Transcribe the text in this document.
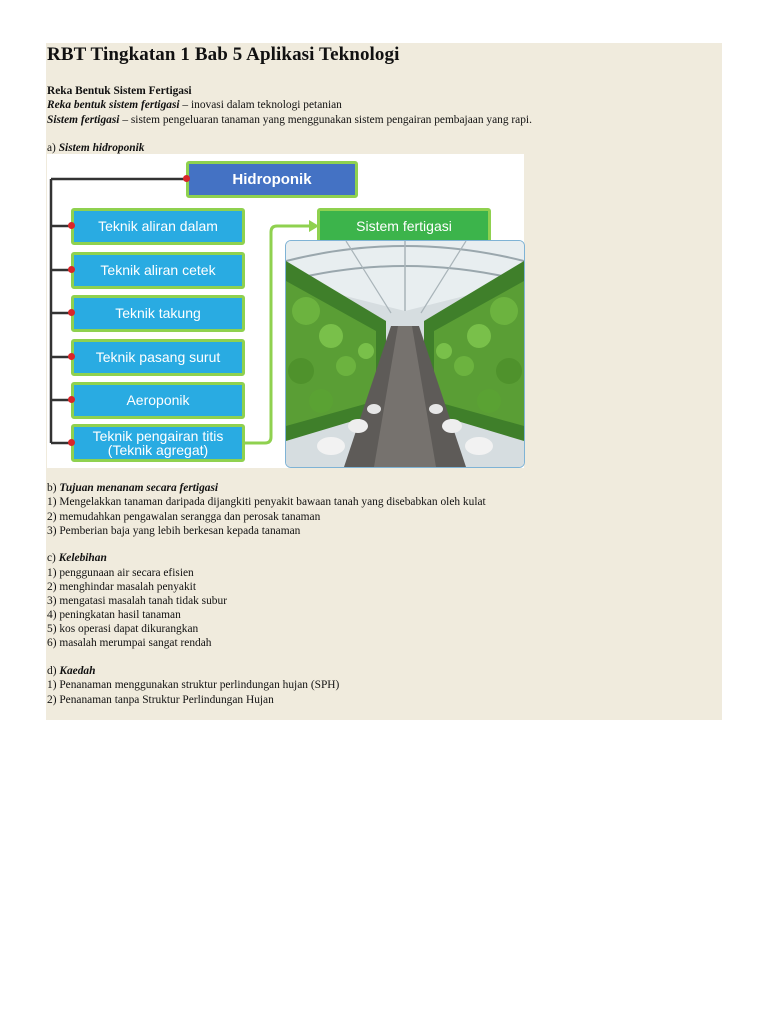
RBT Tingkatan 1 Bab 5 Aplikasi Teknologi
Reka Bentuk Sistem Fertigasi
Reka bentuk sistem fertigasi – inovasi dalam teknologi petanian
Sistem fertigasi – sistem pengeluaran tanaman yang menggunakan sistem pengairan pembajaan yang rapi.
a) Sistem hidroponik
Hidroponik
Teknik aliran dalam
Teknik aliran cetek
Teknik takung
Teknik pasang surut
Aeroponik
Teknik pengairan titis
(Teknik agregat)
Sistem fertigasi
b) Tujuan menanam secara fertigasi
1) Mengelakkan tanaman daripada dijangkiti penyakit bawaan tanah yang disebabkan oleh kulat
2) memudahkan pengawalan serangga dan perosak tanaman
3) Pemberian baja yang lebih berkesan kepada tanaman
c) Kelebihan
1) penggunaan air secara efisien
2) menghindar masalah penyakit
3) mengatasi masalah tanah tidak subur
4) peningkatan hasil tanaman
5) kos operasi dapat dikurangkan
6) masalah merumpai sangat rendah
d) Kaedah
1) Penanaman menggunakan struktur perlindungan hujan (SPH)
2) Penanaman tanpa Struktur Perlindungan Hujan
